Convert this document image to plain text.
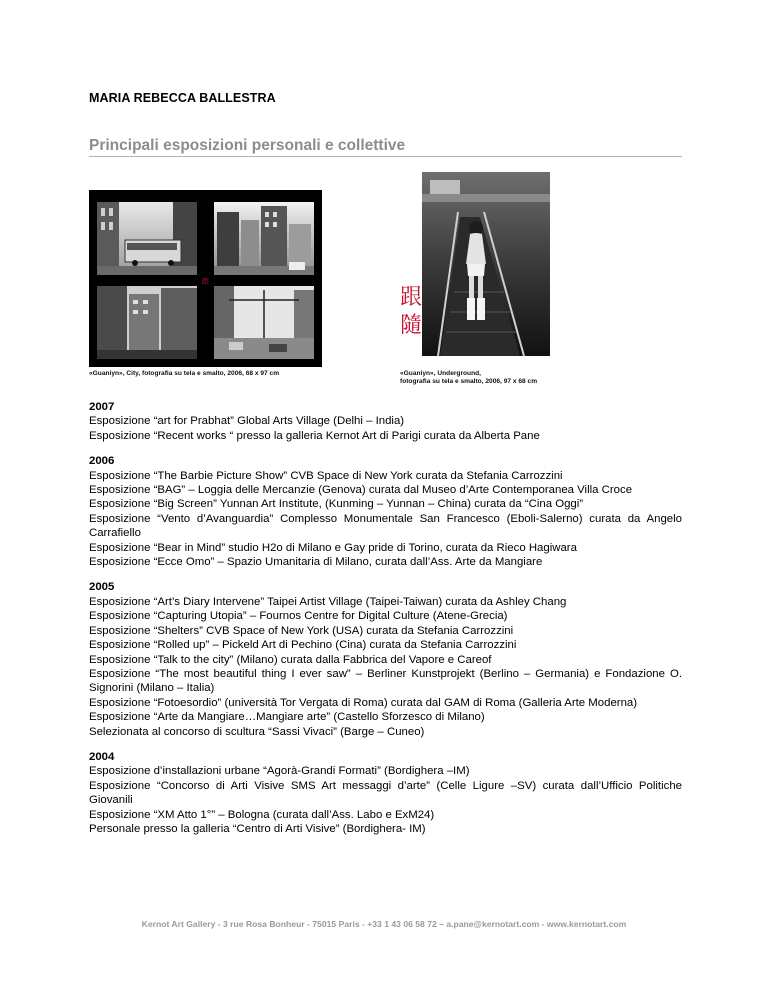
MARIA REBECCA BALLESTRA

Principali esposizioni personali e collettive

跟

«Guaniyn», City, fotografia su tela e smalto, 2006, 68 x 97 cm

跟
隨

«Guaniyn», Underground,
fotografia su tela e smalto, 2006, 97 x 68 cm

2007
Esposizione “art for Prabhat” Global Arts Village (Delhi – India)
Esposizione “Recent works “ presso la galleria Kernot Art di Parigi curata da Alberta Pane
2006
Esposizione “The Barbie Picture Show” CVB Space di New York curata da Stefania Carrozzini
Esposizione “BAG” – Loggia delle Mercanzie (Genova) curata dal Museo d’Arte Contemporanea Villa Croce
Esposizione “Big Screen” Yunnan Art Institute, (Kunming – Yunnan – China) curata da “Cina Oggi”
Esposizione “Vento d’Avanguardia” Complesso Monumentale San Francesco (Eboli-Salerno) curata da Angelo Carrafiello
Esposizione “Bear in Mind” studio H2o di Milano e Gay pride di Torino, curata da Rieco Hagiwara
Esposizione “Ecce Omo” – Spazio Umanitaria di Milano, curata dall’Ass. Arte da Mangiare
2005
Esposizione “Art’s Diary Intervene” Taipei Artist Village (Taipei-Taiwan) curata da Ashley Chang
Esposizione “Capturing Utopia” – Fournos Centre for Digital Culture (Atene-Grecia)
Esposizione “Shelters” CVB Space of New York (USA) curata da Stefania Carrozzini
Esposizione “Rolled up” – Pickeld Art di Pechino (Cina) curata da Stefania Carrozzini
Esposizione “Talk to the city” (Milano) curata dalla Fabbrica del Vapore e Careof
Esposizione “The most beautiful thing I ever saw” – Berliner Kunstprojekt (Berlino – Germania) e Fondazione O. Signorini (Milano – Italia)
Esposizione “Fotoesordio” (università Tor Vergata di Roma) curata dal GAM di Roma (Galleria Arte Moderna)
Esposizione “Arte da Mangiare…Mangiare arte” (Castello Sforzesco di Milano)
Selezionata al concorso di scultura “Sassi Vivaci” (Barge – Cuneo)
2004
Esposizione d’installazioni urbane “Agorà-Grandi Formati” (Bordighera –IM)
Esposizione “Concorso di Arti Visive SMS Art messaggi d’arte” (Celle Ligure –SV) curata dall’Ufficio Politiche Giovanili
Esposizione “XM Atto 1°” – Bologna (curata dall’Ass. Labo e ExM24)
Personale presso la galleria “Centro di Arti Visive” (Bordighera- IM)

Kernot Art Gallery - 3 rue Rosa Bonheur - 75015 Paris - +33 1 43 06 58 72 – a.pane@kernotart.com - www.kernotart.com
